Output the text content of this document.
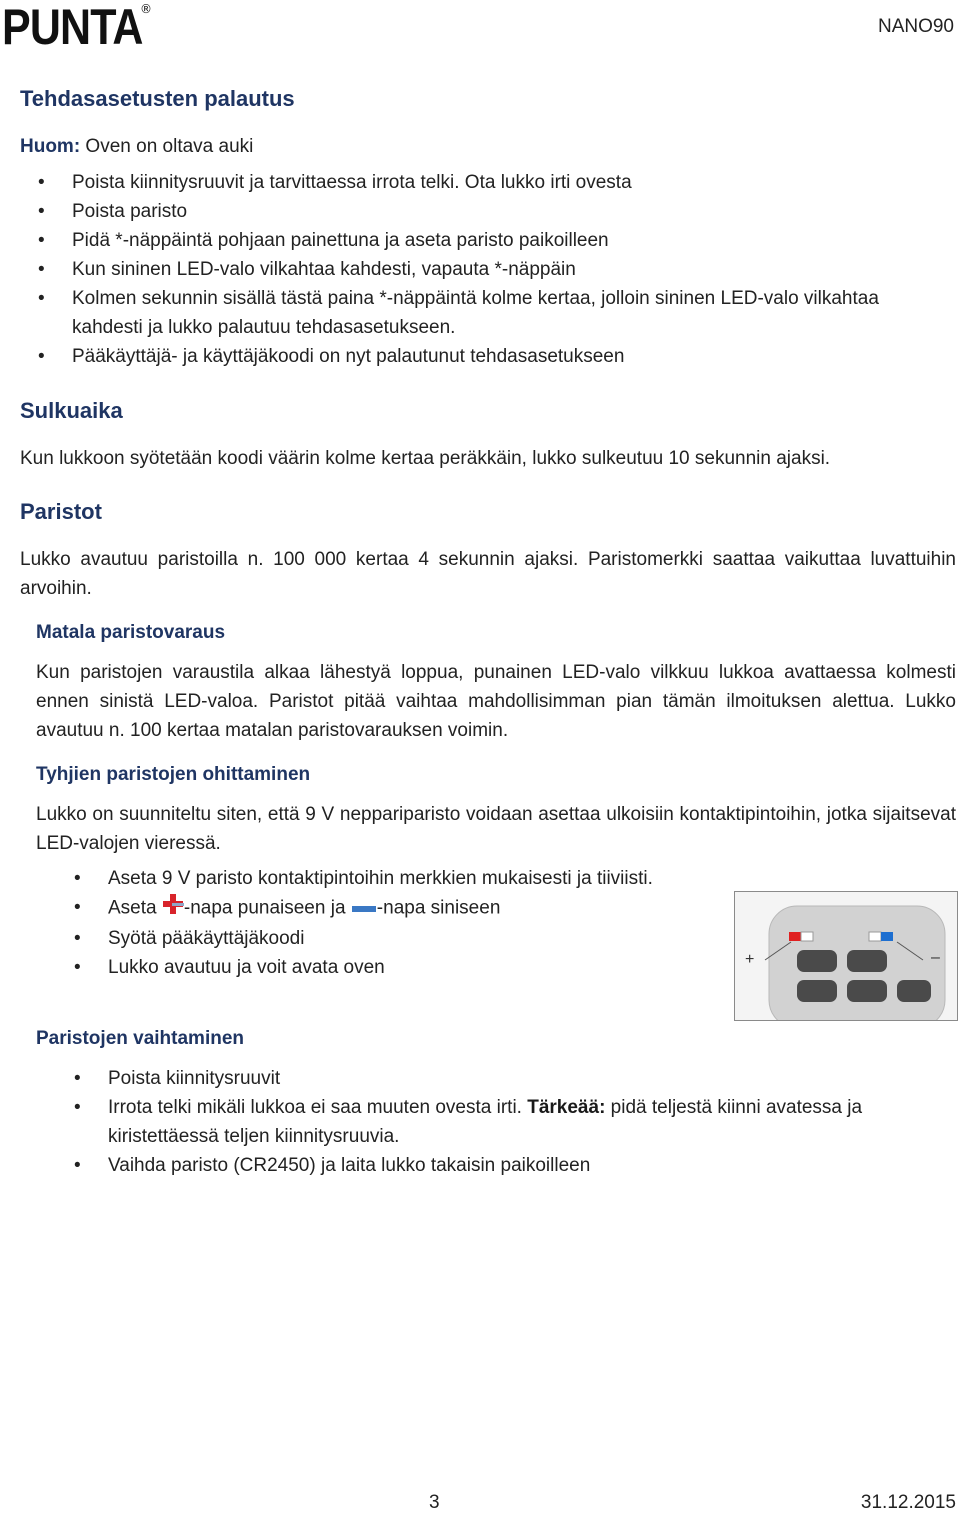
PUNTA
®
NANO90
Tehdasasetusten palautus

Huom: Oven on oltava auki

• Poista kiinnitysruuvit ja tarvittaessa irrota telki. Ota lukko irti ovesta
• Poista paristo
• Pidä *-näppäintä pohjaan painettuna ja aseta paristo paikoilleen
• Kun sininen LED-valo vilkahtaa kahdesti, vapauta *-näppäin
• Kolmen sekunnin sisällä tästä paina *-näppäintä kolme kertaa, jolloin sininen LED-valo vilkahtaa kahdesti ja lukko palautuu tehdasasetukseen.
• Pääkäyttäjä- ja käyttäjäkoodi on nyt palautunut tehdasasetukseen
Sulkuaika

Kun lukkoon syötetään koodi väärin kolme kertaa peräkkäin, lukko sulkeutuu 10 sekunnin ajaksi.

Paristot

Lukko avautuu paristoilla n. 100 000 kertaa 4 sekunnin ajaksi. Paristomerkki saattaa vaikuttaa luvattuihin arvoihin.

Matala paristovaraus

Kun paristojen varaustila alkaa lähestyä loppua, punainen LED-valo vilkkuu lukkoa avattaessa kolmesti ennen sinistä LED-valoa. Paristot pitää vaihtaa mahdollisimman pian tämän ilmoituksen alettua. Lukko avautuu n. 100 kertaa matalan paristovarauksen voimin.

Tyhjien paristojen ohittaminen

Lukko on suunniteltu siten, että 9 V neppariparisto voidaan asettaa ulkoisiin kontaktipintoihin, jotka sijaitsevat LED-valojen vieressä.

• Aseta 9 V paristo kontaktipintoihin merkkien mukaisesti ja tiiviisti.
• Aseta -napa punaiseen ja -napa siniseen
• Syötä pääkäyttäjäkoodi
• Lukko avautuu ja voit avata oven	+	–
Paristojen vaihtaminen
• Poista kiinnitysruuvit
• Irrota telki mikäli lukkoa ei saa muuten ovesta irti. Tärkeää: pidä teljestä kiinni avatessa ja kiristettäessä teljen kiinnitysruuvia.
• Vaihda paristo (CR2450) ja laita lukko takaisin paikoilleen
3	31.12.2015
